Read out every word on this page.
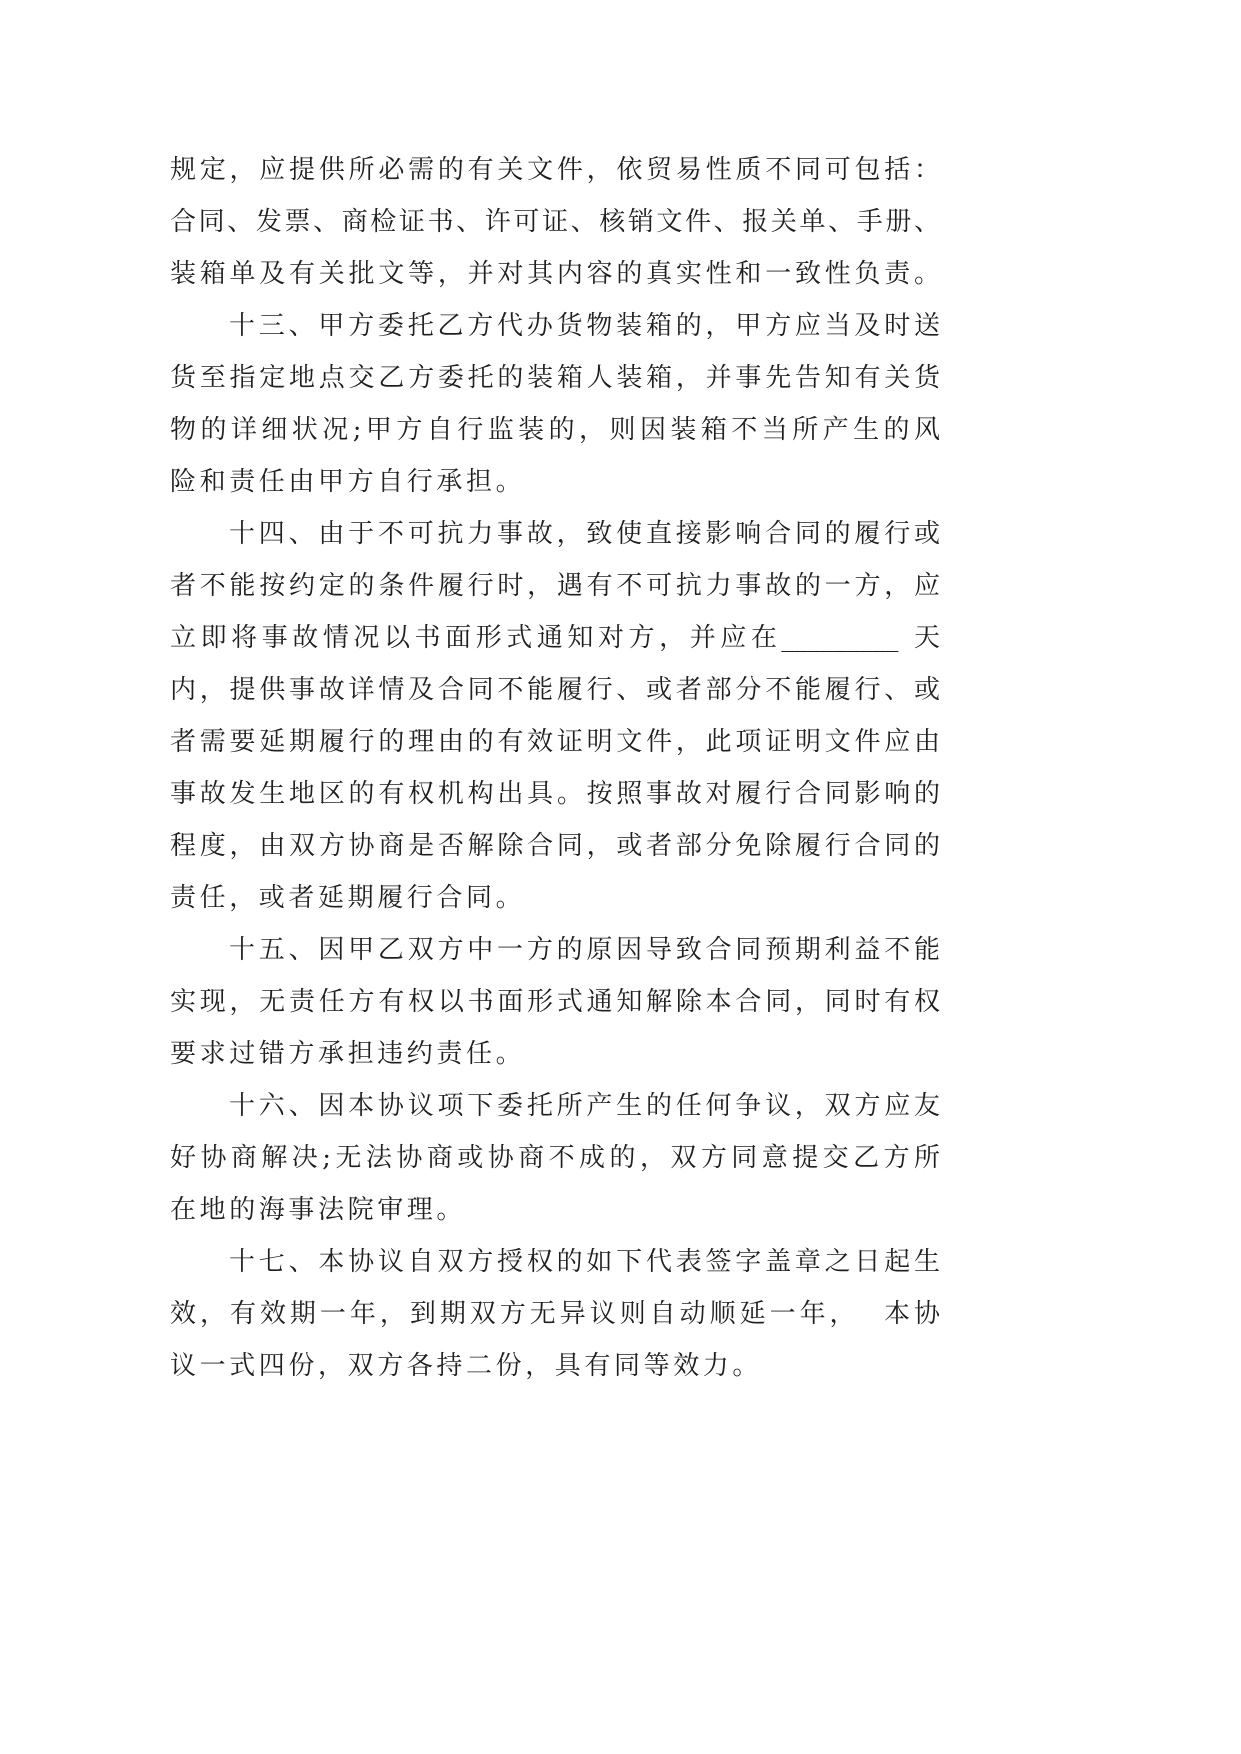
规定，应提供所必需的有关文件，依贸易性质不同可包括：
合同、发票、商检证书、许可证、核销文件、报关单、手册、
装箱单及有关批文等，并对其内容的真实性和一致性负责。
十三、甲方委托乙方代办货物装箱的，甲方应当及时送
货至指定地点交乙方委托的装箱人装箱，并事先告知有关货
物的详细状况;甲方自行监装的，则因装箱不当所产生的风
险和责任由甲方自行承担。
十四、由于不可抗力事故，致使直接影响合同的履行或
者不能按约定的条件履行时，遇有不可抗力事故的一方，应
立即将事故情况以书面形式通知对方，并应在_________ 天
内，提供事故详情及合同不能履行、或者部分不能履行、或
者需要延期履行的理由的有效证明文件，此项证明文件应由
事故发生地区的有权机构出具。按照事故对履行合同影响的
程度，由双方协商是否解除合同，或者部分免除履行合同的
责任，或者延期履行合同。
十五、因甲乙双方中一方的原因导致合同预期利益不能
实现，无责任方有权以书面形式通知解除本合同，同时有权
要求过错方承担违约责任。
十六、因本协议项下委托所产生的任何争议，双方应友
好协商解决;无法协商或协商不成的，双方同意提交乙方所
在地的海事法院审理。
十七、本协议自双方授权的如下代表签字盖章之日起生
效，有效期一年，到期双方无异议则自动顺延一年，  本协
议一式四份，双方各持二份，具有同等效力。
